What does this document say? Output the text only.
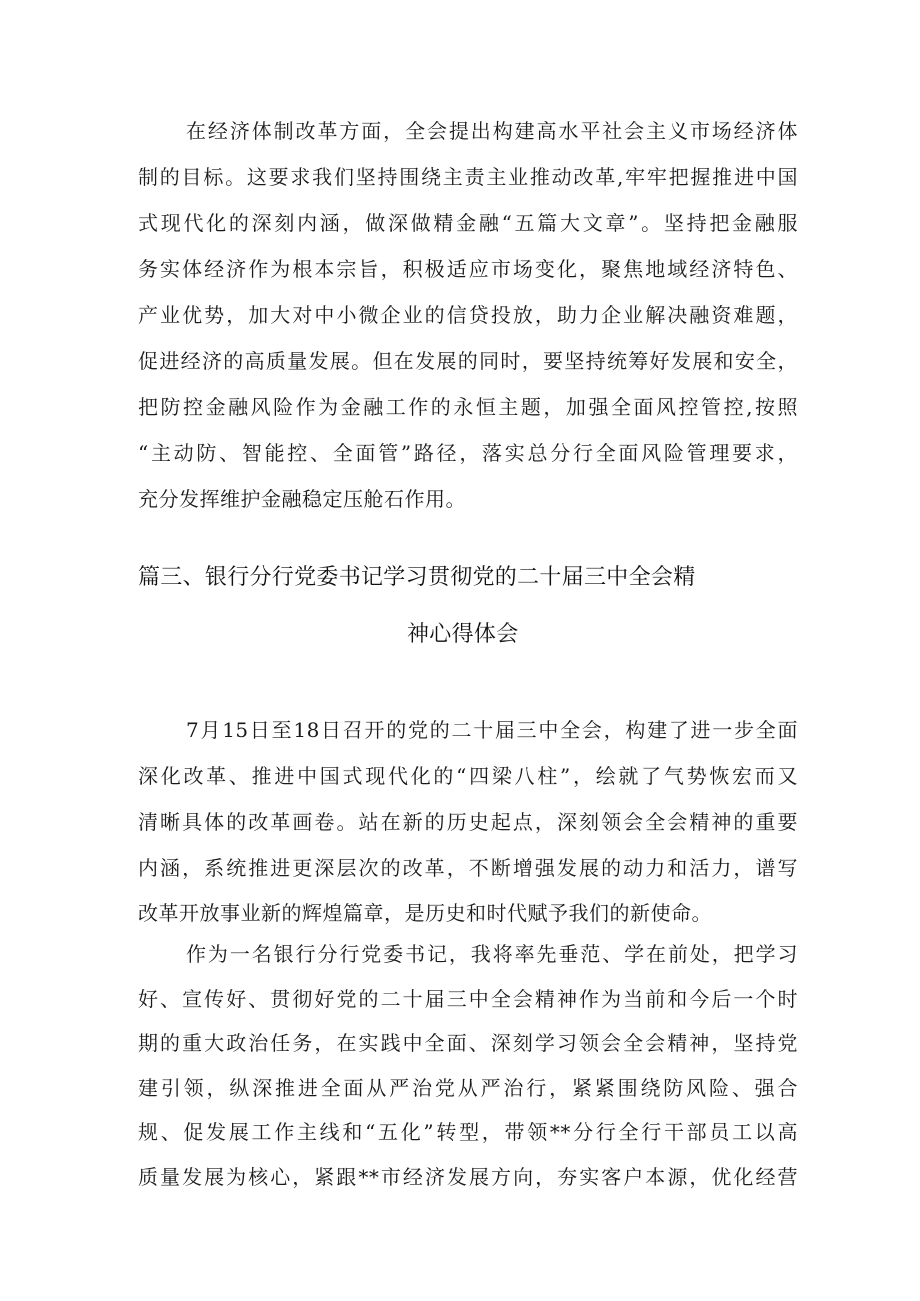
在经济体制改革方面，全会提出构建高水平社会主义市场经济体
制的目标。这要求我们坚持围绕主责主业推动改革,牢牢把握推进中国
式现代化的深刻内涵，做深做精金融“五篇大文章”。坚持把金融服
务实体经济作为根本宗旨，积极适应市场变化，聚焦地域经济特色、
产业优势，加大对中小微企业的信贷投放，助力企业解决融资难题，
促进经济的高质量发展。但在发展的同时，要坚持统筹好发展和安全，
把防控金融风险作为金融工作的永恒主题，加强全面风控管控,按照
“主动防、智能控、全面管”路径，落实总分行全面风险管理要求，
充分发挥维护金融稳定压舱石作用。
篇三、银行分行党委书记学习贯彻党的二十届三中全会精
神心得体会
7月15日至18日召开的党的二十届三中全会，构建了进一步全面
深化改革、推进中国式现代化的“四梁八柱”，绘就了气势恢宏而又
清晰具体的改革画卷。站在新的历史起点，深刻领会全会精神的重要
内涵，系统推进更深层次的改革，不断增强发展的动力和活力，谱写
改革开放事业新的辉煌篇章，是历史和时代赋予我们的新使命。
作为一名银行分行党委书记，我将率先垂范、学在前处，把学习
好、宣传好、贯彻好党的二十届三中全会精神作为当前和今后一个时
期的重大政治任务，在实践中全面、深刻学习领会全会精神，坚持党
建引领，纵深推进全面从严治党从严治行，紧紧围绕防风险、强合
规、促发展工作主线和“五化”转型，带领**分行全行干部员工以高
质量发展为核心，紧跟**市经济发展方向，夯实客户本源，优化经营
